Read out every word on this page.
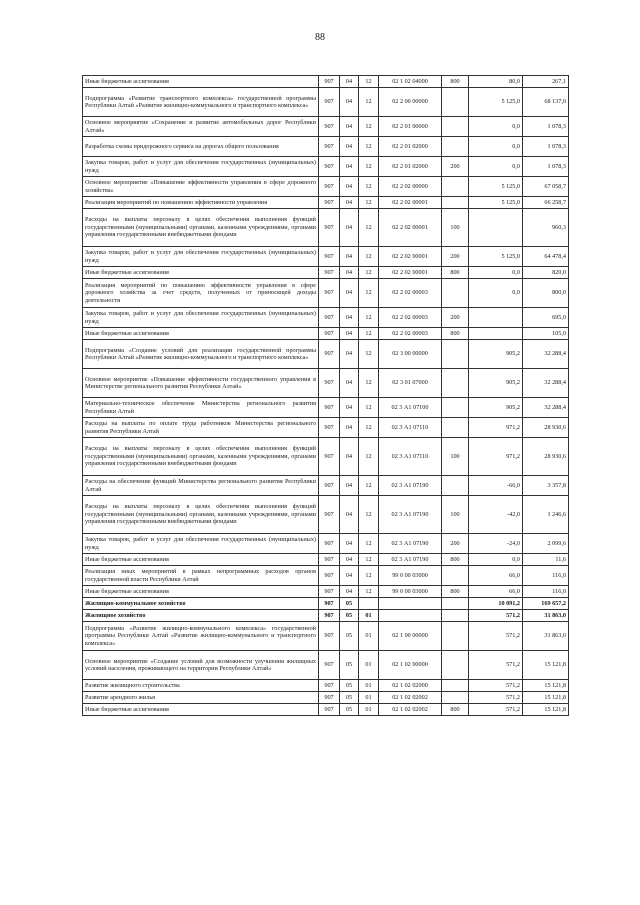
88
Иные бюджетные ассигнования	907	04	12	02 1 02 04000	800	80,0	267,1
Подпрограмма «Развитие транспортного комплекса» государственной программы Республики Алтай «Развитие жилищно-коммунального и транспортного комплекса»	907	04	12	02 2 00 00000		5 125,0	68 137,0
Основное мероприятие «Сохранение и развитие автомобильных дорог Республики Алтай»	907	04	12	02 2 01 00000		0,0	1 078,3
Разработка схемы придорожного сервиса на дорогах общего пользования	907	04	12	02 2 01 02000		0,0	1 078,3
Закупка товаров, работ и услуг для обеспечения государственных (муниципальных) нужд	907	04	12	02 2 01 02000	200	0,0	1 078,3
Основное мероприятие «Повышение эффективности управления в сфере дорожного хозяйства»	907	04	12	02 2 02 00000		5 125,0	67 058,7
Реализация мероприятий по повышению эффективности управления	907	04	12	02 2 02 00001		5 125,0	66 258,7
Расходы на выплаты персоналу в целях обеспечения выполнения функций государственными (муниципальными) органами, казенными учреждениями, органами управления государственными внебюджетными фондами	907	04	12	02 2 02 00001	100		960,3
Закупка товаров, работ и услуг для обеспечения государственных (муниципальных) нужд	907	04	12	02 2 02 00001	200	5 125,0	64 478,4
Иные бюджетные ассигнования	907	04	12	02 2 02 00001	800	0,0	820,0
Реализация мероприятий по повышению эффективности управления в сфере дорожного хозяйства за счет средств, полученных от приносящей доходы деятельности	907	04	12	02 2 02 00003		0,0	800,0
Закупка товаров, работ и услуг для обеспечения государственных (муниципальных) нужд	907	04	12	02 2 02 00003	200		695,0
Иные бюджетные ассигнования	907	04	12	02 2 02 00003	800		105,0
Подпрограмма «Создание условий для реализации государственной программы Республики Алтай «Развитие жилищно-коммунального и транспортного комплекса»	907	04	12	02 3 00 00000		905,2	32 288,4
Основное мероприятие «Повышение эффективности государственного управления в Министерстве регионального развития Республики Алтай»	907	04	12	02 3 01 07000		905,2	32 288,4
Материально-техническое обеспечение Министерства регионального развития Республики Алтай	907	04	12	02 3 А1 07100		905,2	32 288,4
Расходы на выплаты по оплате труда работников Министерства регионального развития Республики Алтай	907	04	12	02 3 А1 07110		971,2	28 930,6
Расходы на выплаты персоналу в целях обеспечения выполнения функций государственными (муниципальными) органами, казенными учреждениями, органами управления государственными внебюджетными фондами	907	04	12	02 3 А1 07110	100	971,2	28 930,6
Расходы на обеспечение функций Министерства регионального развития Республики Алтай	907	04	12	02 3 А1 07190		-66,0	3 357,8
Расходы на выплаты персоналу в целях обеспечения выполнения функций государственными (муниципальными) органами, казенными учреждениями, органами управления государственными внебюджетными фондами	907	04	12	02 3 А1 07190	100	-42,0	1 246,6
Закупка товаров, работ и услуг для обеспечения государственных (муниципальных) нужд	907	04	12	02 3 А1 07190	200	-24,0	2 099,6
Иные бюджетные ассигнования	907	04	12	02 3 А1 07190	800	0,0	11,6
Реализация иных мероприятий в рамках непрограммных расходов органов государственной власти Республики Алтай	907	04	12	99 0 00 03000		66,0	116,0
Иные бюджетные ассигнования	907	04	12	99 0 00 03000	800	66,0	116,0
Жилищно-коммунальное хозяйство	907	05				10 091,2	169 657,2
Жилищное хозяйство	907	05	01			571,2	31 863,0
Подпрограмма «Развитие жилищно-коммунального комплекса» государственной программы Республики Алтай «Развитие жилищно-коммунального и транспортного комплекса»	907	05	01	02 1 00 00000		571,2	31 863,0
Основное мероприятие «Создание условий для возможности улучшения жилищных условий населения, проживающего на территории Республики Алтай»	907	05	01	02 1 02 00000		571,2	15 121,8
Развитие жилищного строительства	907	05	01	02 1 02 02000		571,2	15 121,8
Развитие арендного жилья	907	05	01	02 1 02 02002		571,2	15 121,8
Иные бюджетные ассигнования	907	05	01	02 1 02 02002	800	571,2	15 121,8
